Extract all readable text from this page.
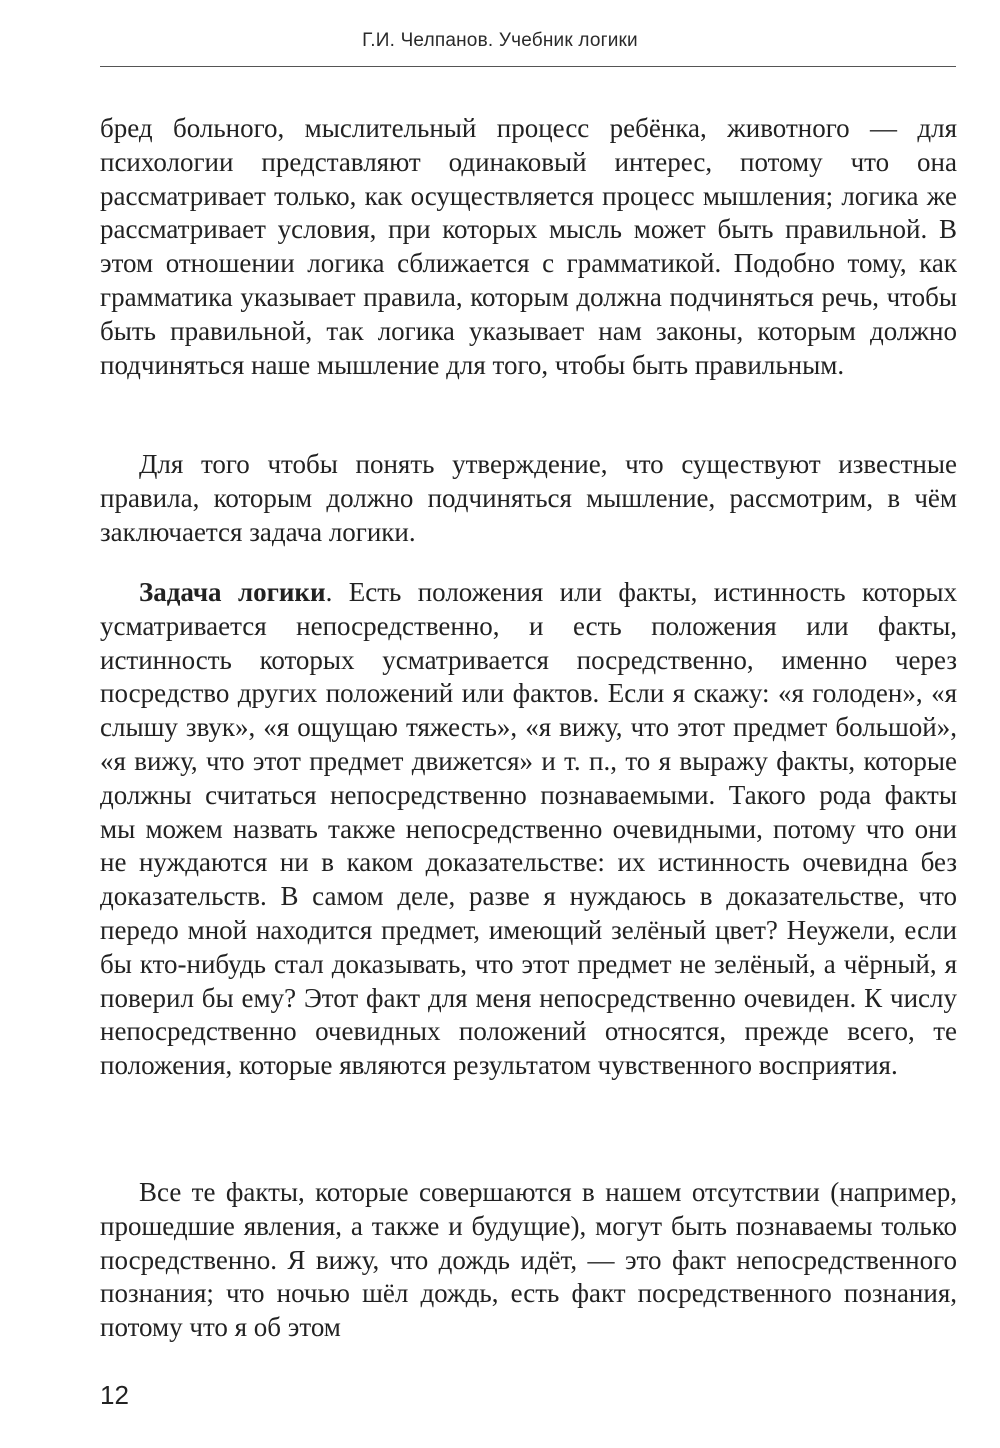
Г.И. Челпанов. Учебник логики

бред больного, мыслительный процесс ребёнка, животного — для психологии представляют одинаковый интерес, потому что она рассматривает только, как осуществляется процесс мышления; логика же рассматривает условия, при которых мысль может быть правильной. В этом отношении логика сближается с грамматикой. Подобно тому, как грамматика указывает правила, которым должна подчиняться речь, чтобы быть правильной, так логика указывает нам законы, которым должно подчиняться наше мышление для того, чтобы быть правильным.

Для того чтобы понять утверждение, что существуют известные правила, которым должно подчиняться мышление, рассмотрим, в чём заключается задача логики.

Задача логики. Есть положения или факты, истинность которых усматривается непосредственно, и есть положения или факты, истинность которых усматривается посредственно, именно через посредство других положений или фактов. Если я скажу: «я голоден», «я слышу звук», «я ощущаю тяжесть», «я вижу, что этот предмет большой», «я вижу, что этот предмет движется» и т. п., то я выражу факты, которые должны считаться непосредственно познаваемыми. Такого рода факты мы можем назвать также непосредственно очевидными, потому что они не нуждаются ни в каком доказательстве: их истинность очевидна без доказательств. В самом деле, разве я нуждаюсь в доказательстве, что передо мной находится предмет, имеющий зелёный цвет? Неужели, если бы кто-нибудь стал доказывать, что этот предмет не зелёный, а чёрный, я поверил бы ему? Этот факт для меня непосредственно очевиден. К числу непосредственно очевидных положений относятся, прежде всего, те положения, которые являются результатом чувственного восприятия.

Все те факты, которые совершаются в нашем отсутствии (например, прошедшие явления, а также и будущие), могут быть познаваемы только посредственно. Я вижу, что дождь идёт, — это факт непосредственного познания; что ночью шёл дождь, есть факт посредственного познания, потому что я об этом

12
